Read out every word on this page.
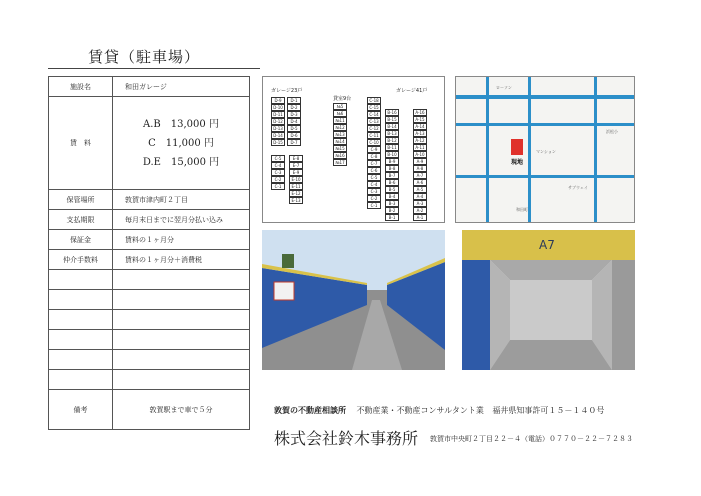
賃貸（駐車場）
施設名	和田ガレージ
賃　料	A.B　13,000 円
C　11,000 円
D.E　15,000 円

保管場所	敦賀市津内町２丁目
支払期限	毎月末日までに翌月分払い込み
保証金	賃料の１ヶ月分
仲介手数料	賃料の１ヶ月分＋消費税

備考	敦賀駅まで車で５分
ガレージ23戸
貸室9台
ガレージ41戸
D-9	D-1
D-10	D-2
D-11	D-3
D-12	D-4
D-13	D-5
D-14	D-6
D-15	D-7
C-5
C-4
C-3
C-2
C-1
E-8
E-7
E-9
E-10
E-11
E-12
E-13
№5
№6
№11
№12
№13
№14
№15
№16
№17
C-18
C-15
C-14
C-13
C-12
C-11
C-10
C-9
C-8
C-7
C-6
C-5
C-4
C-3
C-2
C-1
B-16
B-15
B-14
B-13
B-12
B-11
B-10
B-9
B-8
B-7
B-6
B-5
B-4
B-3
B-2
B-1
A-16
A-15
A-14
A-13
A-12
A-11
A-10
A-9
A-8
A-7
A-6
A-5
A-4
A-3
A-2
A-1
ローソン
マンション
サブウェイ
浜松小
和田町
現地
A7
敦賀の不動産相談所 不動産業・不動産コンサルタント業 福井県知事許可１５－１４０号
株式会社鈴木事務所 敦賀市中央町２丁目２２－４（電話）０７７０－２２－７２８３
